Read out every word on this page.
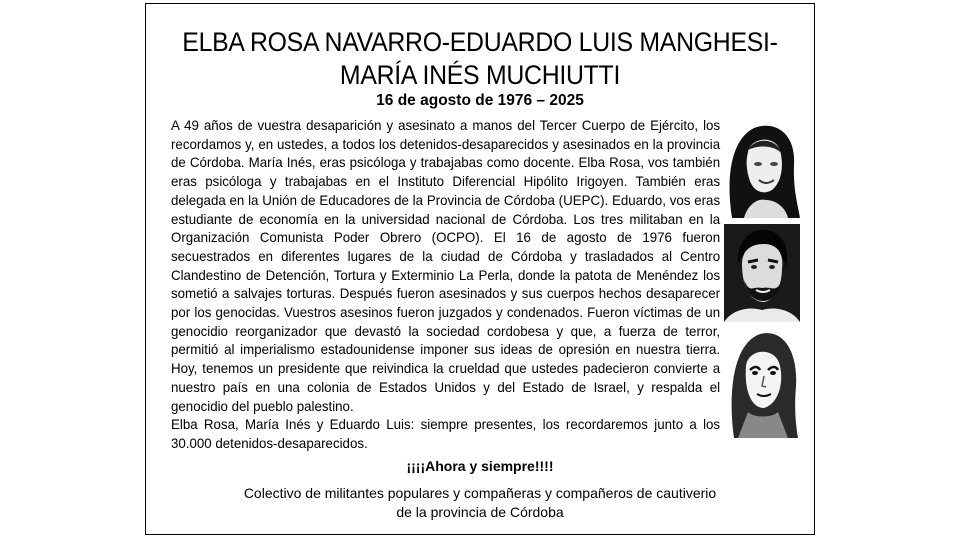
ELBA ROSA NAVARRO-EDUARDO LUIS MANGHESI-
MARÍA INÉS MUCHIUTTI
16 de agosto de 1976 – 2025

A 49 años de vuestra desaparición y asesinato a manos del Tercer Cuerpo de Ejército, los recordamos y, en ustedes, a todos los detenidos-desaparecidos y asesinados en la provincia de Córdoba. María Inés, eras psicóloga y trabajabas como docente. Elba Rosa, vos también eras psicóloga y trabajabas en el Instituto Diferencial Hipólito Irigoyen. También eras delegada en la Unión de Educadores de la Provincia de Córdoba (UEPC). Eduardo, vos eras estudiante de economía en la universidad nacional de Córdoba. Los tres militaban en la Organización Comunista Poder Obrero (OCPO). El 16 de agosto de 1976 fueron secuestrados en diferentes lugares de la ciudad de Córdoba y trasladados al Centro Clandestino de Detención, Tortura y Exterminio La Perla, donde la patota de Menéndez los sometió a salvajes torturas. Después fueron asesinados y sus cuerpos hechos desaparecer por los genocidas. Vuestros asesinos fueron juzgados y condenados. Fueron víctimas de un genocidio reorganizador que devastó la sociedad cordobesa y que, a fuerza de terror, permitió al imperialismo estadounidense imponer sus ideas de opresión en nuestra tierra. Hoy, tenemos un presidente que reivindica la crueldad que ustedes padecieron convierte a nuestro país en una colonia de Estados Unidos y del Estado de Israel, y respalda el genocidio del pueblo palestino.

Elba Rosa, María Inés y Eduardo Luis: siempre presentes, los recordaremos junto a los 30.000 detenidos-desaparecidos.

¡¡¡¡Ahora y siempre!!!!
Colectivo de militantes populares y compañeras y compañeros de cautiverio
de la provincia de Córdoba
